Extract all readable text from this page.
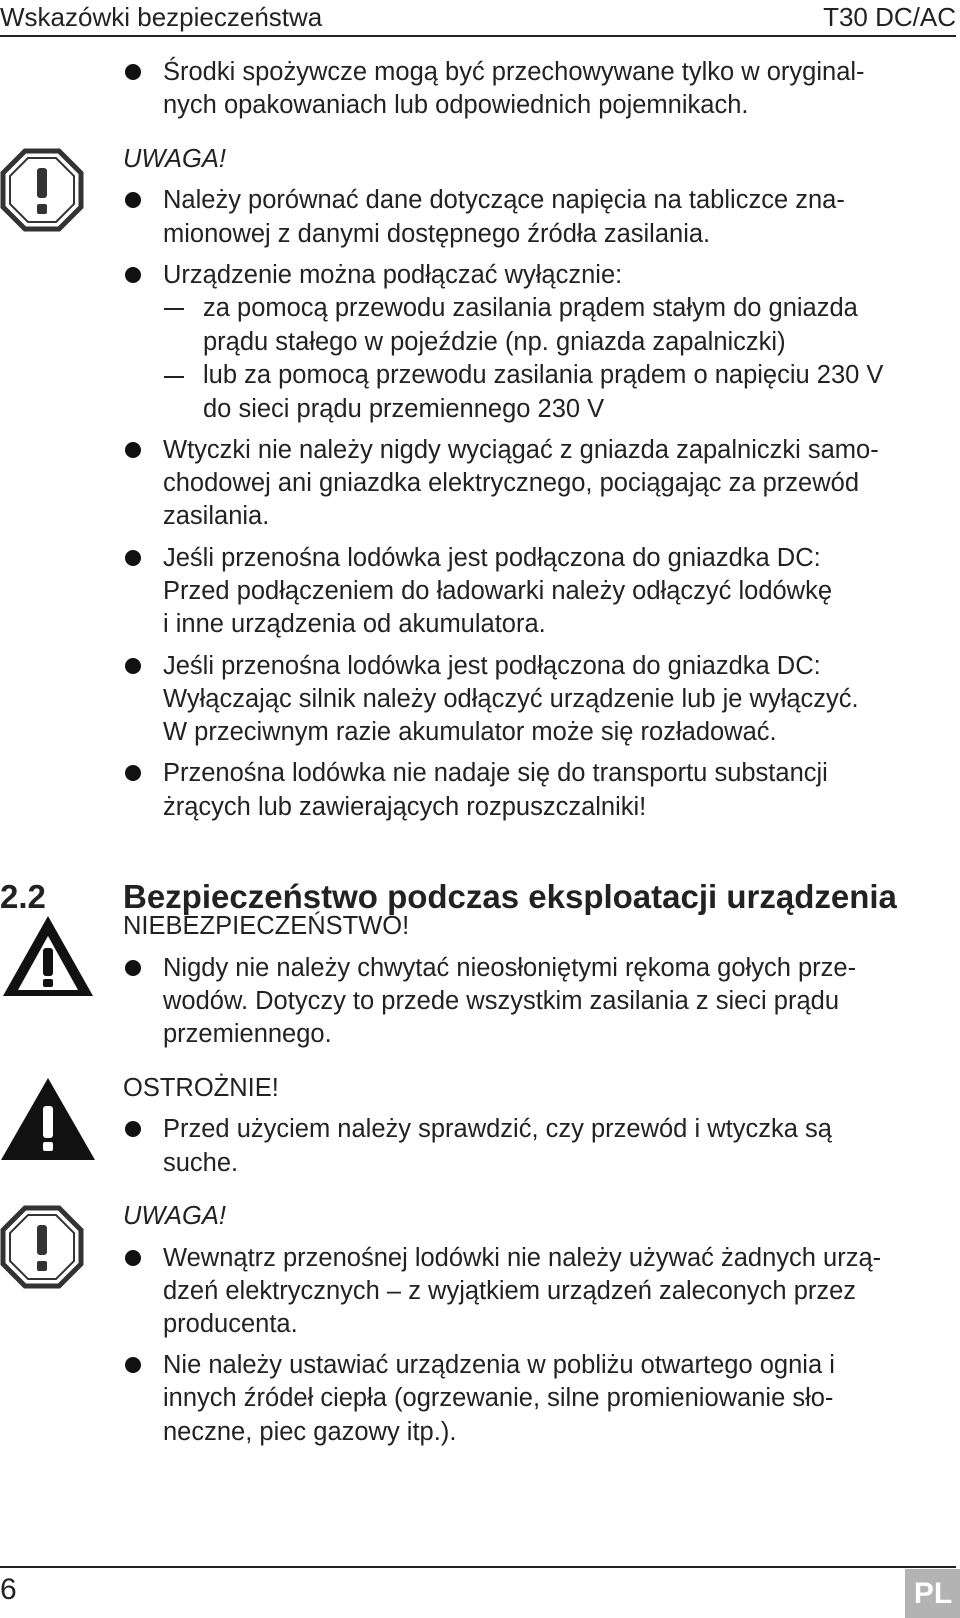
Wskazówki bezpieczeństwa	T30 DC/AC
Środki spożywcze mogą być przechowywane tylko w oryginal-
nych opakowaniach lub odpowiednich pojemnikach.
UWAGA!
Należy porównać dane dotyczące napięcia na tabliczce zna-
mionowej z danymi dostępnego źródła zasilania.
Urządzenie można podłączać wyłącznie:
za pomocą przewodu zasilania prądem stałym do gniazda
prądu stałego w pojeździe (np. gniazda zapalniczki)
lub za pomocą przewodu zasilania prądem o napięciu 230 V
do sieci prądu przemiennego 230 V
Wtyczki nie należy nigdy wyciągać z gniazda zapalniczki samo-
chodowej ani gniazdka elektrycznego, pociągając za przewód
zasilania.
Jeśli przenośna lodówka jest podłączona do gniazdka DC:
Przed podłączeniem do ładowarki należy odłączyć lodówkę
i inne urządzenia od akumulatora.
Jeśli przenośna lodówka jest podłączona do gniazdka DC:
Wyłączając silnik należy odłączyć urządzenie lub je wyłączyć.
W przeciwnym razie akumulator może się rozładować.
Przenośna lodówka nie nadaje się do transportu substancji
żrących lub zawierających rozpuszczalniki!
2.2 Bezpieczeństwo podczas eksploatacji urządzenia
NIEBEZPIECZEŃSTWO!
Nigdy nie należy chwytać nieosłoniętymi rękoma gołych prze-
wodów. Dotyczy to przede wszystkim zasilania z sieci prądu
przemiennego.
OSTROŻNIE!
Przed użyciem należy sprawdzić, czy przewód i wtyczka są
suche.
UWAGA!
Wewnątrz przenośnej lodówki nie należy używać żadnych urzą-
dzeń elektrycznych – z wyjątkiem urządzeń zaleconych przez
producenta.
Nie należy ustawiać urządzenia w pobliżu otwartego ognia i
innych źródeł ciepła (ogrzewanie, silne promieniowanie sło-
neczne, piec gazowy itp.).
6	PL
